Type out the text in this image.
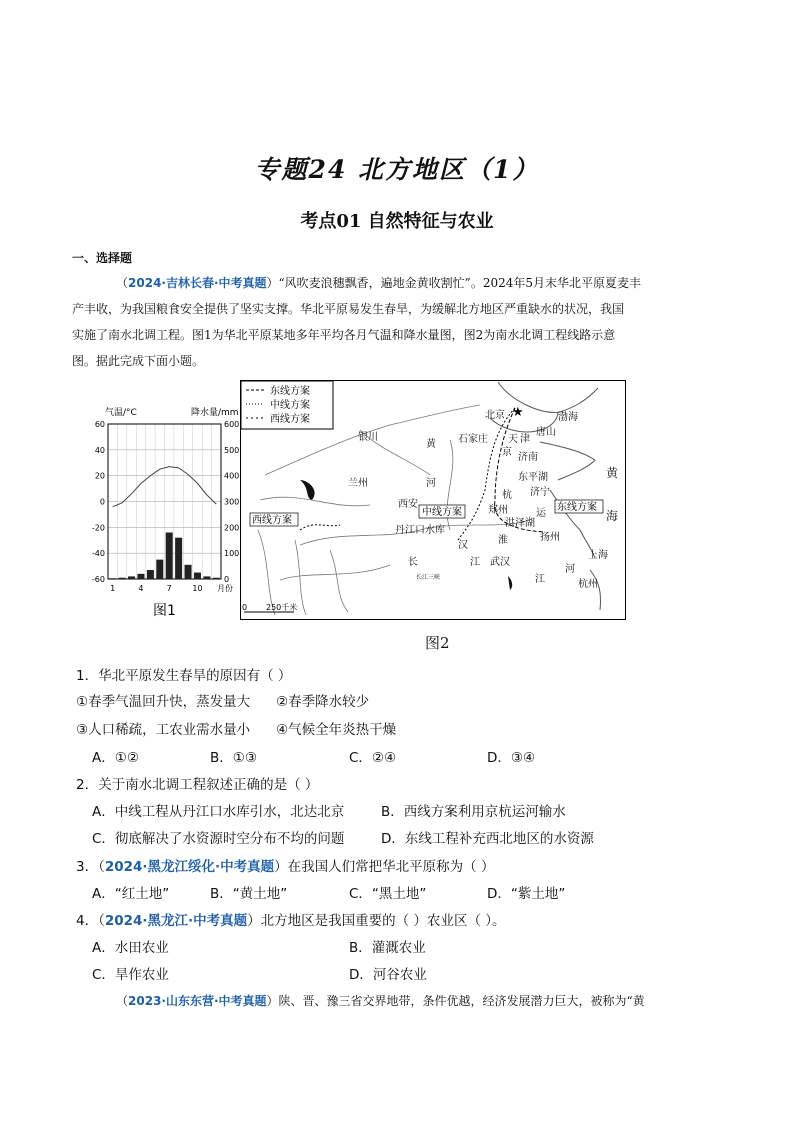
专题24 北方地区（1）
考点01 自然特征与农业
一、选择题
（2024·吉林长春·中考真题）“风吹麦浪穗飘香，遍地金黄收割忙”。2024年5月末华北平原夏麦丰
产丰收，为我国粮食安全提供了坚实支撑。华北平原易发生春旱，为缓解北方地区严重缺水的状况，我国
实施了南水北调工程。图1为华北平原某地多年平均各月气温和降水量图，图2为南水北调工程线路示意
图。据此完成下面小题。
气温/°C	降水量/mm
60
40
20
0
-20
-40
-60
600
500
400
300
200
100
0
1	4	7	10 月份
图1
东线方案
中线方案
西线方案	★
北京	渤海
唐山
天 津
石家庄
银川
黄
京 济南
河
东平湖
兰州
杭 济宁
西安
郑州
洪泽湖
运
丹江口水库
淮	扬州
汉
长	江 武汉
上海
河
江	杭州
黄
海
长江三峡
中线方案	东线方案
西线方案
0 250千米
图2
1．华北平原发生春旱的原因有（ ）
①春季气温回升快，蒸发量大 ②春季降水较少
③人口稀疏，工农业需水量小 ④气候全年炎热干燥
A．①②	B．①③	C．②④	D．③④
2．关于南水北调工程叙述正确的是（ ）
A．中线工程从丹江口水库引水，北达北京	B．西线方案利用京杭运河输水
C．彻底解决了水资源时空分布不均的问题	D．东线工程补充西北地区的水资源
3．（2024·黑龙江绥化·中考真题）在我国人们常把华北平原称为（ ）
A．“红土地”	B．“黄土地”	C．“黑土地”	D．“紫土地”
4．（2024·黑龙江·中考真题）北方地区是我国重要的（ ）农业区（ ）。
A．水田农业	B．灌溉农业
C．旱作农业	D．河谷农业
（2023·山东东营·中考真题）陕、晋、豫三省交界地带，条件优越，经济发展潜力巨大，被称为“黄
